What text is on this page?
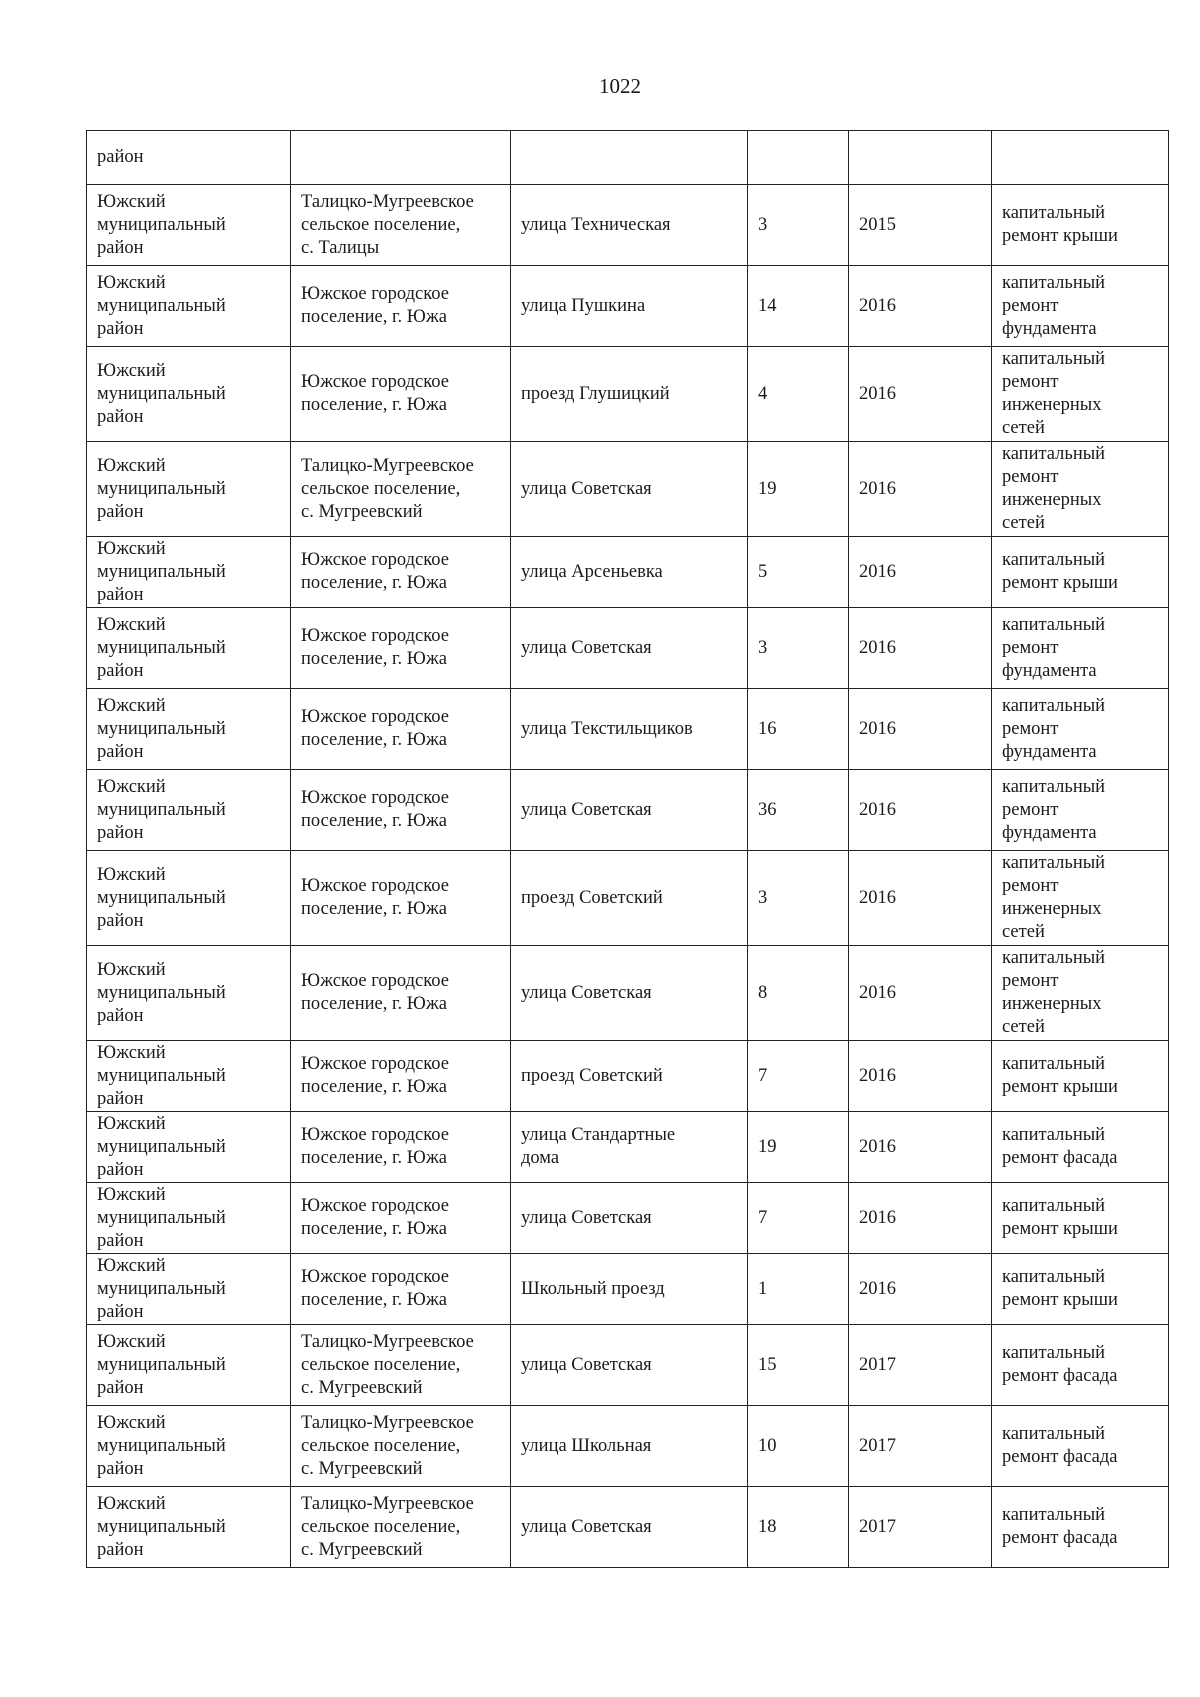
1022
район					
Южский
муниципальный
район	Талицко-Мугреевское
сельское поселение,
с. Талицы	улица Техническая	3	2015	капитальный
ремонт крыши
Южский
муниципальный
район	Южское городское
поселение, г. Южа	улица Пушкина	14	2016	капитальный
ремонт
фундамента
Южский
муниципальный
район	Южское городское
поселение, г. Южа	проезд Глушицкий	4	2016	капитальный
ремонт
инженерных
сетей
Южский
муниципальный
район	Талицко-Мугреевское
сельское поселение,
с. Мугреевский	улица Советская	19	2016	капитальный
ремонт
инженерных
сетей
Южский
муниципальный
район	Южское городское
поселение, г. Южа	улица Арсеньевка	5	2016	капитальный
ремонт крыши
Южский
муниципальный
район	Южское городское
поселение, г. Южа	улица Советская	3	2016	капитальный
ремонт
фундамента
Южский
муниципальный
район	Южское городское
поселение, г. Южа	улица Текстильщиков	16	2016	капитальный
ремонт
фундамента
Южский
муниципальный
район	Южское городское
поселение, г. Южа	улица Советская	36	2016	капитальный
ремонт
фундамента
Южский
муниципальный
район	Южское городское
поселение, г. Южа	проезд Советский	3	2016	капитальный
ремонт
инженерных
сетей
Южский
муниципальный
район	Южское городское
поселение, г. Южа	улица Советская	8	2016	капитальный
ремонт
инженерных
сетей
Южский
муниципальный
район	Южское городское
поселение, г. Южа	проезд Советский	7	2016	капитальный
ремонт крыши
Южский
муниципальный
район	Южское городское
поселение, г. Южа	улица Стандартные
дома	19	2016	капитальный
ремонт фасада
Южский
муниципальный
район	Южское городское
поселение, г. Южа	улица Советская	7	2016	капитальный
ремонт крыши
Южский
муниципальный
район	Южское городское
поселение, г. Южа	Школьный проезд	1	2016	капитальный
ремонт крыши
Южский
муниципальный
район	Талицко-Мугреевское
сельское поселение,
с. Мугреевский	улица Советская	15	2017	капитальный
ремонт фасада
Южский
муниципальный
район	Талицко-Мугреевское
сельское поселение,
с. Мугреевский	улица Школьная	10	2017	капитальный
ремонт фасада
Южский
муниципальный
район	Талицко-Мугреевское
сельское поселение,
с. Мугреевский	улица Советская	18	2017	капитальный
ремонт фасада
